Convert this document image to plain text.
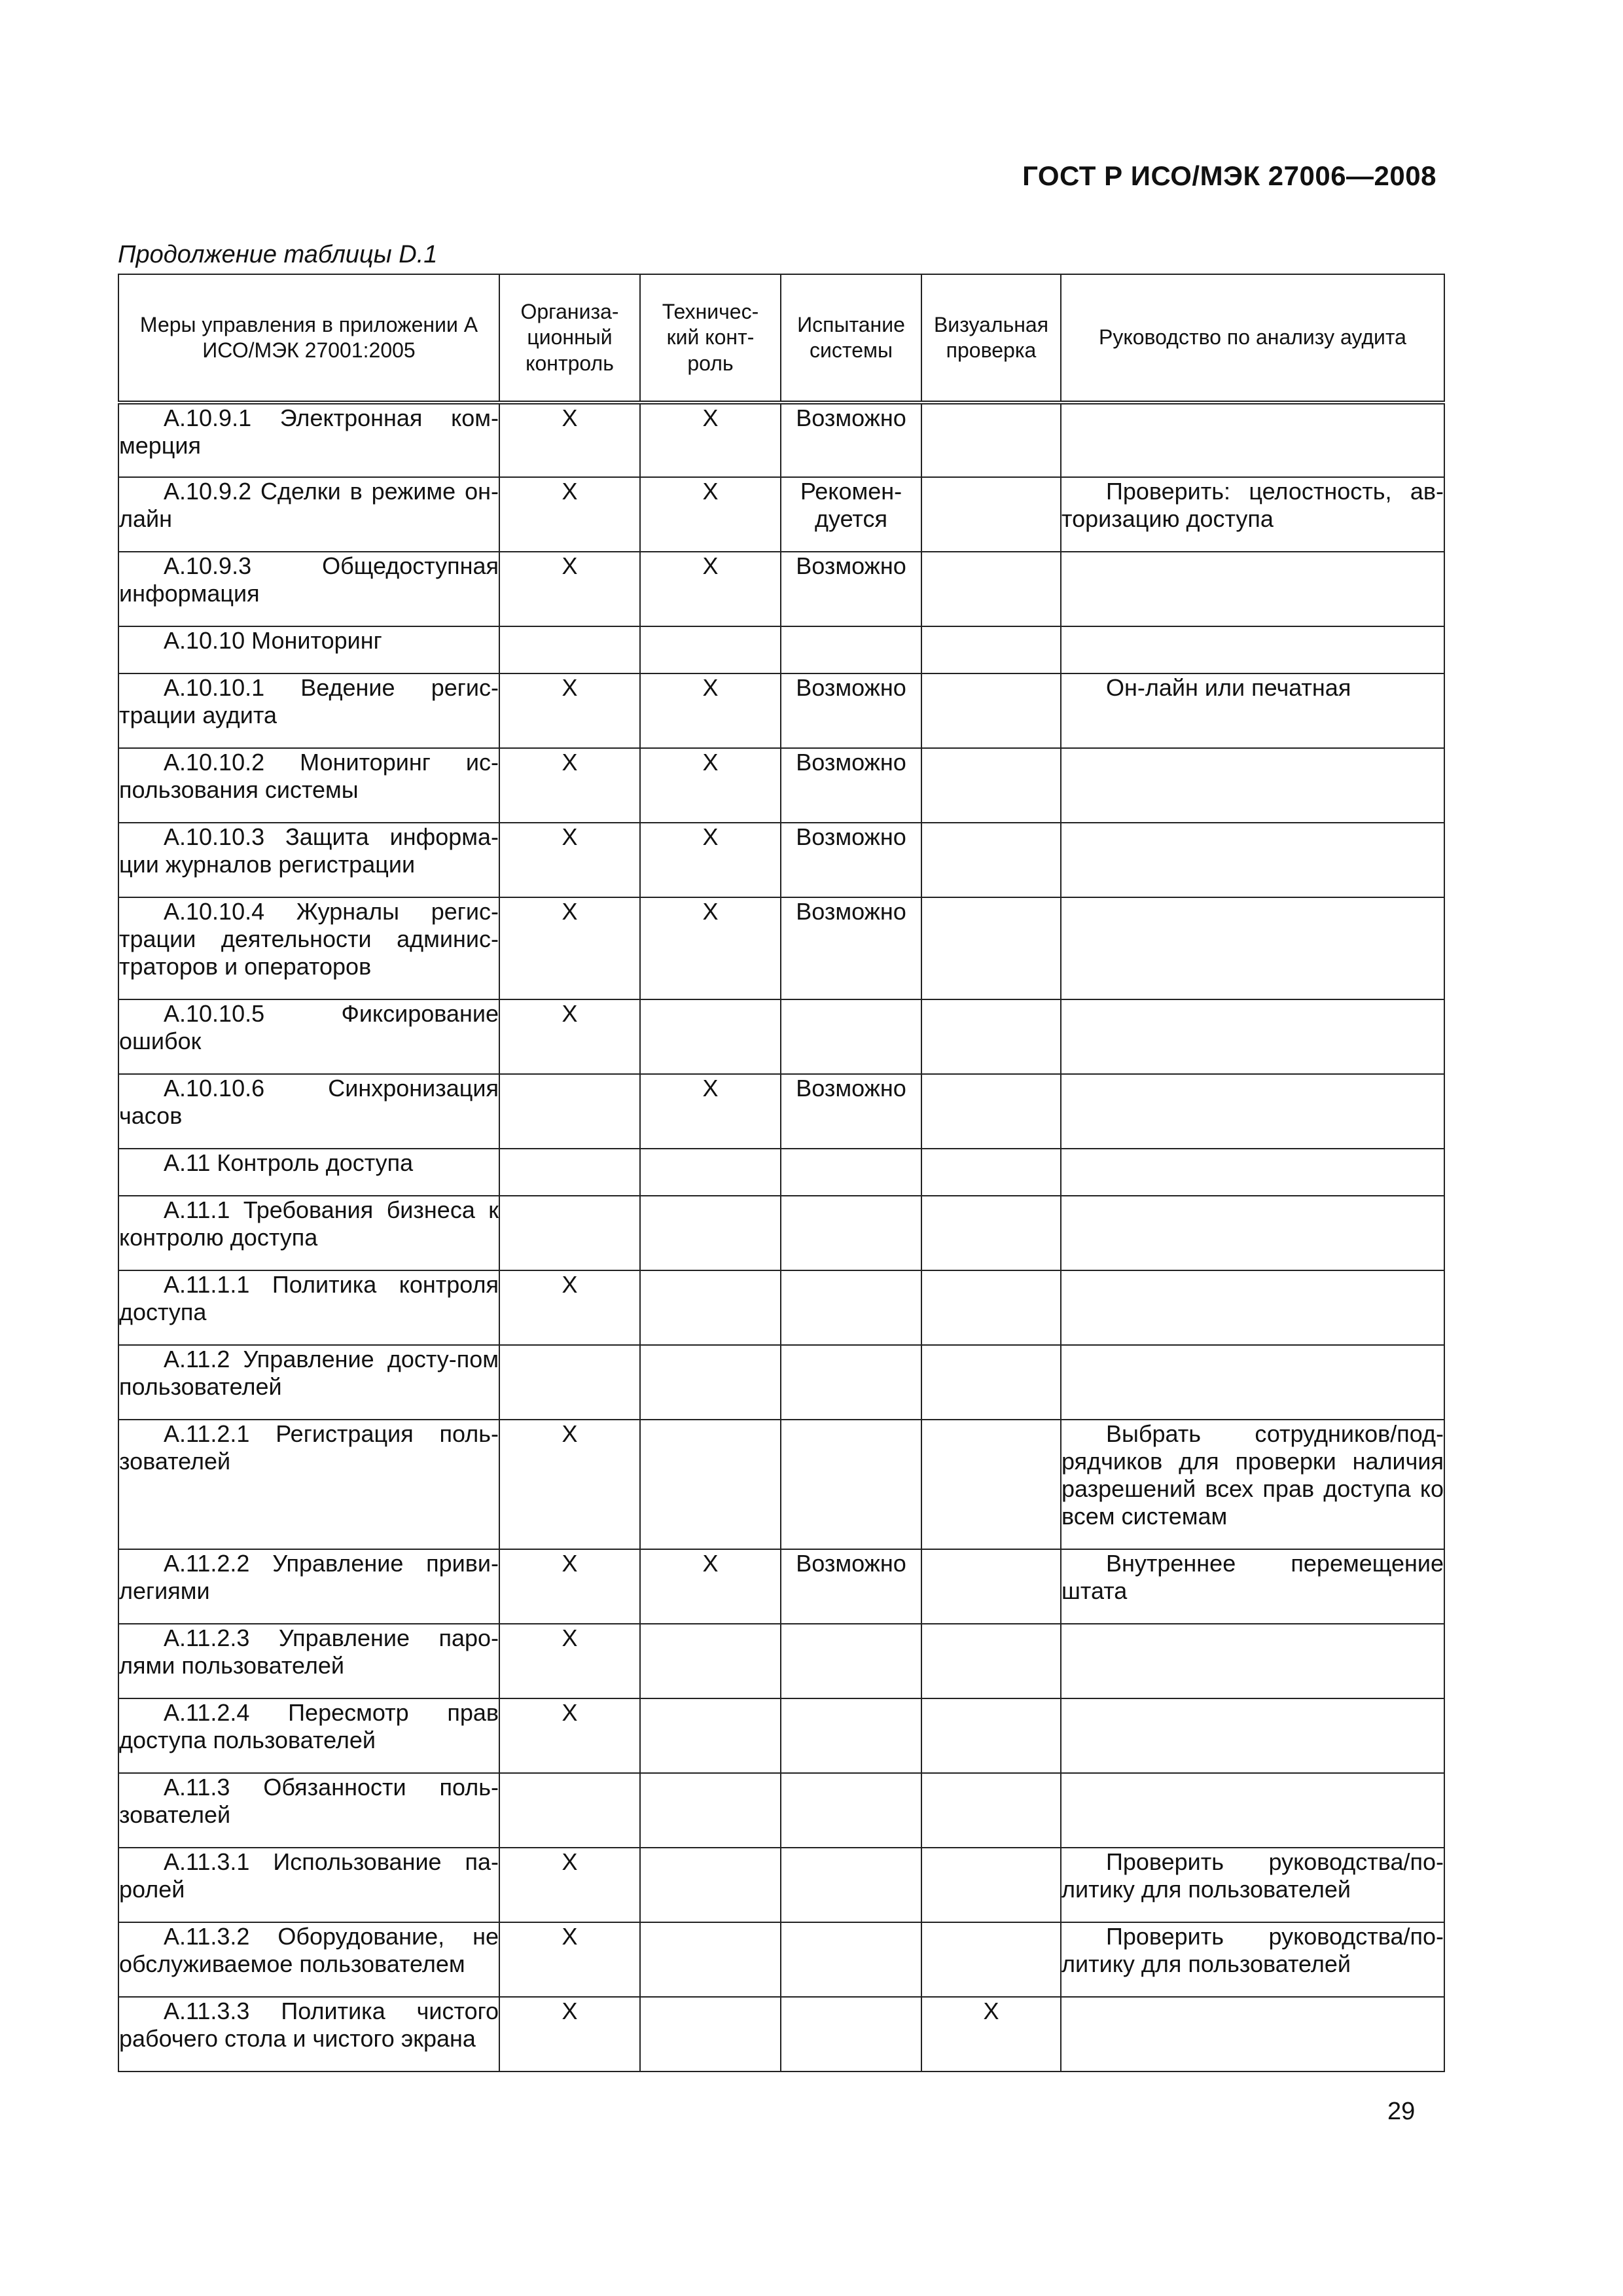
ГОСТ Р ИСО/МЭК 27006—2008
Продолжение таблицы D.1
Меры управления в приложении А ИСО/МЭК 27001:2005	Организа-ционный контроль	Техничес-кий конт-роль	Испытание системы	Визуальная проверка	Руководство по анализу аудита

А.10.9.1 Электронная ком-мерция	X	X	Возможно		

А.10.9.2 Сделки в режиме он-лайн	X	X	Рекомен-дуется		Проверить: целостность, ав-торизацию доступа

А.10.9.3 Общедоступная информация	X	X	Возможно		

А.10.10 Мониторинг					

А.10.10.1 Ведение регис-трации аудита	X	X	Возможно		Он-лайн или печатная

А.10.10.2 Мониторинг ис-пользования системы	X	X	Возможно		

А.10.10.3 Защита информа-ции журналов регистрации	X	X	Возможно		

А.10.10.4 Журналы регис-трации деятельности админис-траторов и операторов	X	X	Возможно		

А.10.10.5 Фиксирование ошибок	X				

А.10.10.6 Синхронизация часов		X	Возможно		

А.11 Контроль доступа					

А.11.1 Требования бизнеса к контролю доступа					

А.11.1.1 Политика контроля доступа	X				

А.11.2 Управление досту-пом пользователей					

А.11.2.1 Регистрация поль-зователей	X				Выбрать сотрудников/под-рядчиков для проверки наличия разрешений всех прав доступа ко всем системам

А.11.2.2 Управление приви-легиями	X	X	Возможно		Внутреннее перемещение штата

А.11.2.3 Управление паро-лями пользователей	X				

А.11.2.4 Пересмотр прав доступа пользователей	X				

А.11.3 Обязанности поль-зователей					

А.11.3.1 Использование па-ролей	X				Проверить руководства/по-литику для пользователей

А.11.3.2 Оборудование, не обслуживаемое пользователем	X				Проверить руководства/по-литику для пользователей

А.11.3.3 Политика чистого рабочего стола и чистого экрана	X			X	
29
